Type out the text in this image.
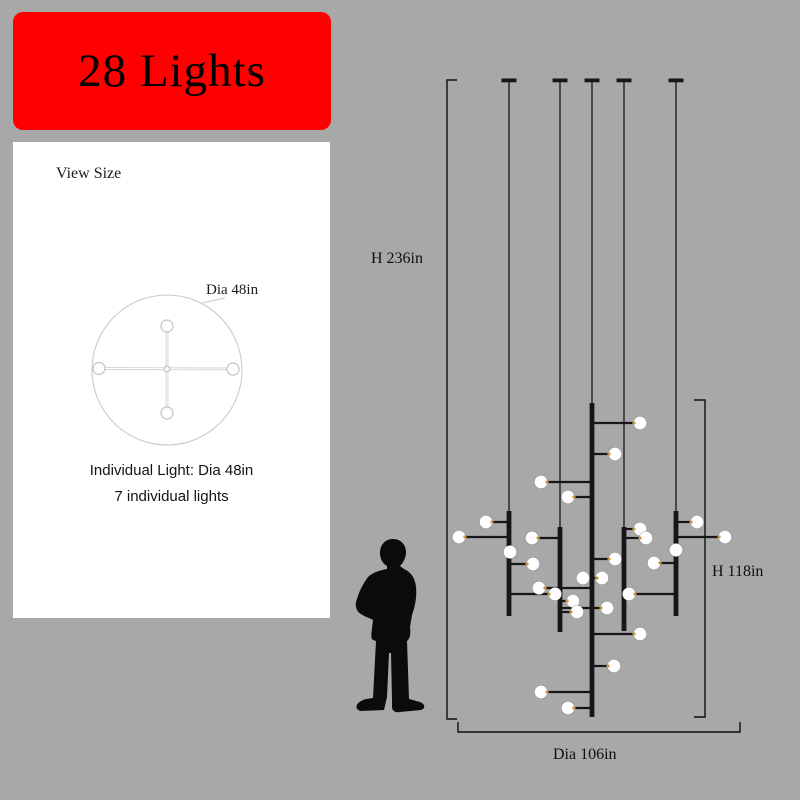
28 Lights
View Size
Dia 48in
Individual Light: Dia 48in
7 individual lights
H 236in
H 118in
Dia 106in
